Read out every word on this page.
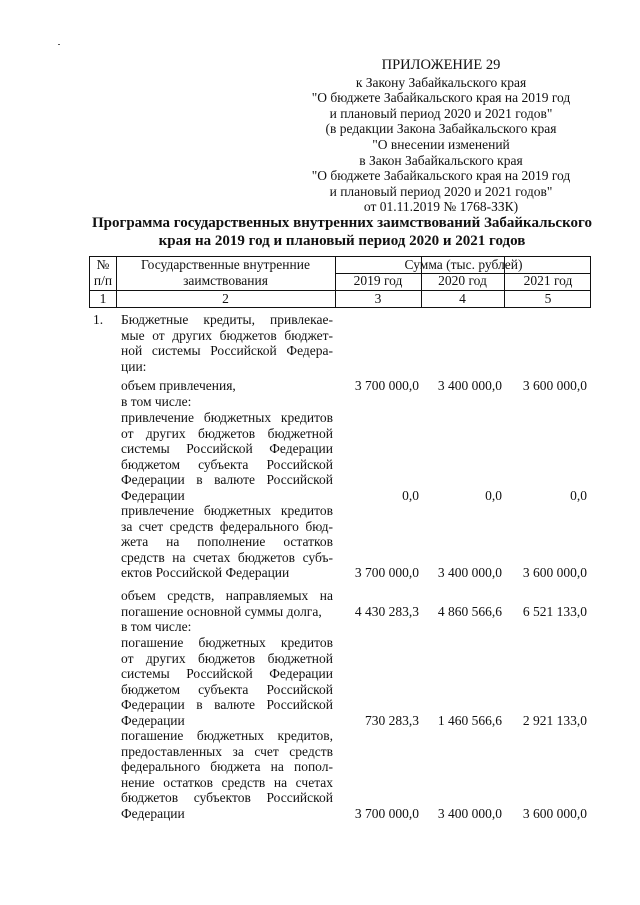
ПРИЛОЖЕНИЕ 29
к Закону Забайкальского края
"О бюджете Забайкальского края на 2019 год
и плановый период 2020 и 2021 годов"
(в редакции Закона Забайкальского края
"О внесении изменений
в Закон Забайкальского края
"О бюджете Забайкальского края на 2019 год
и плановый период 2020 и 2021 годов"
от 01.11.2019 № 1768-ЗЗК)
Программа государственных внутренних заимствований Забайкальского
края на 2019 год и плановый период 2020 и 2021 годов
№
п/п
Государственные внутренние
заимствования
Сумма (тыс. рублей)
2019 год	2020 год	2021 год
1	2	3	4	5
1. Бюджетные кредиты, привлекае-
мые от других бюджетов бюджет-
ной системы Российской Федера-
ции:
объем привлечения,	3 700 000,0	3 400 000,0	3 600 000,0
в том числе:
привлечение бюджетных кредитов
от других бюджетов бюджетной
системы Российской Федерации
бюджетом субъекта Российской
Федерации в валюте Российской
Федерации	0,0	0,0	0,0
привлечение бюджетных кредитов
за счет средств федерального бюд-
жета на пополнение остатков
средств на счетах бюджетов субъ-
ектов Российской Федерации	3 700 000,0	3 400 000,0	3 600 000,0
объем средств, направляемых на
погашение основной суммы долга,	4 430 283,3	4 860 566,6	6 521 133,0
в том числе:
погашение бюджетных кредитов
от других бюджетов бюджетной
системы Российской Федерации
бюджетом субъекта Российской
Федерации в валюте Российской
Федерации	730 283,3	1 460 566,6	2 921 133,0
погашение бюджетных кредитов,
предоставленных за счет средств
федерального бюджета на попол-
нение остатков средств на счетах
бюджетов субъектов Российской
Федерации	3 700 000,0	3 400 000,0	3 600 000,0
